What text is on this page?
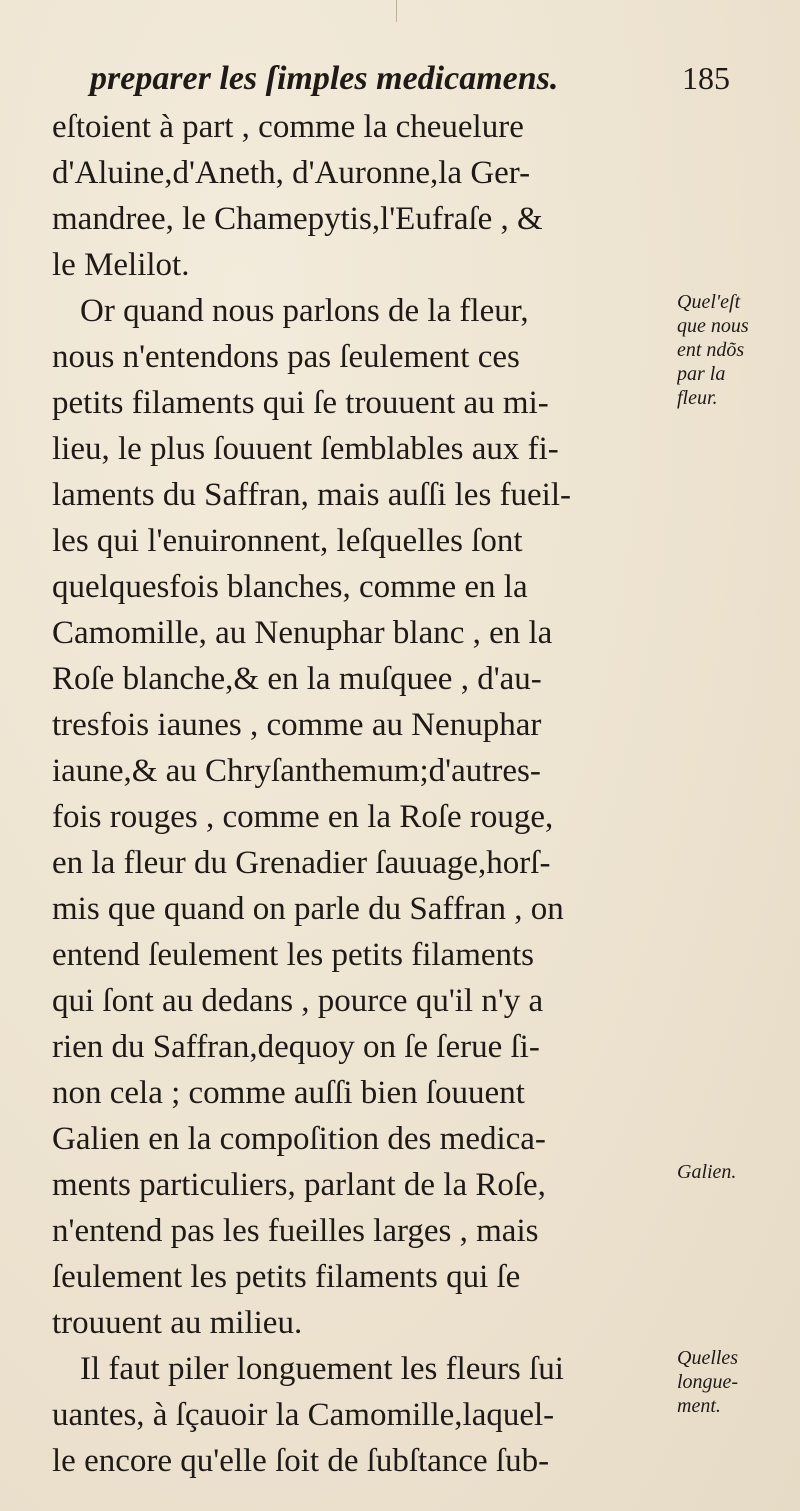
preparer les ſimples medicamens.	185
eſtoient à part , comme la cheuelure
d'Aluine,d'Aneth, d'Auronne,la Ger-
mandree, le Chamepytis,l'Eufraſe , &
le Melilot.
Or quand nous parlons de la fleur,
nous n'entendons pas ſeulement ces
petits filaments qui ſe trouuent au mi-
lieu, le plus ſouuent ſemblables aux fi-
laments du Saffran, mais auſſi les fueil-
les qui l'enuironnent, leſquelles ſont
quelquesfois blanches, comme en la
Camomille, au Nenuphar blanc , en la
Roſe blanche,& en la muſquee , d'au-
tresfois iaunes , comme au Nenuphar
iaune,& au Chryſanthemum;d'autres-
fois rouges , comme en la Roſe rouge,
en la fleur du Grenadier ſauuage,horſ-
mis que quand on parle du Saffran , on
entend ſeulement les petits filaments
qui ſont au dedans , pource qu'il n'y a
rien du Saffran,dequoy on ſe ſerue ſi-
non cela ; comme auſſi bien ſouuent
Galien en la compoſition des medica-
ments particuliers, parlant de la Roſe,
n'entend pas les fueilles larges , mais
ſeulement les petits filaments qui ſe
trouuent au milieu.
Il faut piler longuement les fleurs ſui
uantes, à ſçauoir la Camomille,laquel-
le encore qu'elle ſoit de ſubſtance ſub-
Quel'eſt
que nous
ent ndõs
par la
fleur.
Galien.
Quelles
longue-
ment.
